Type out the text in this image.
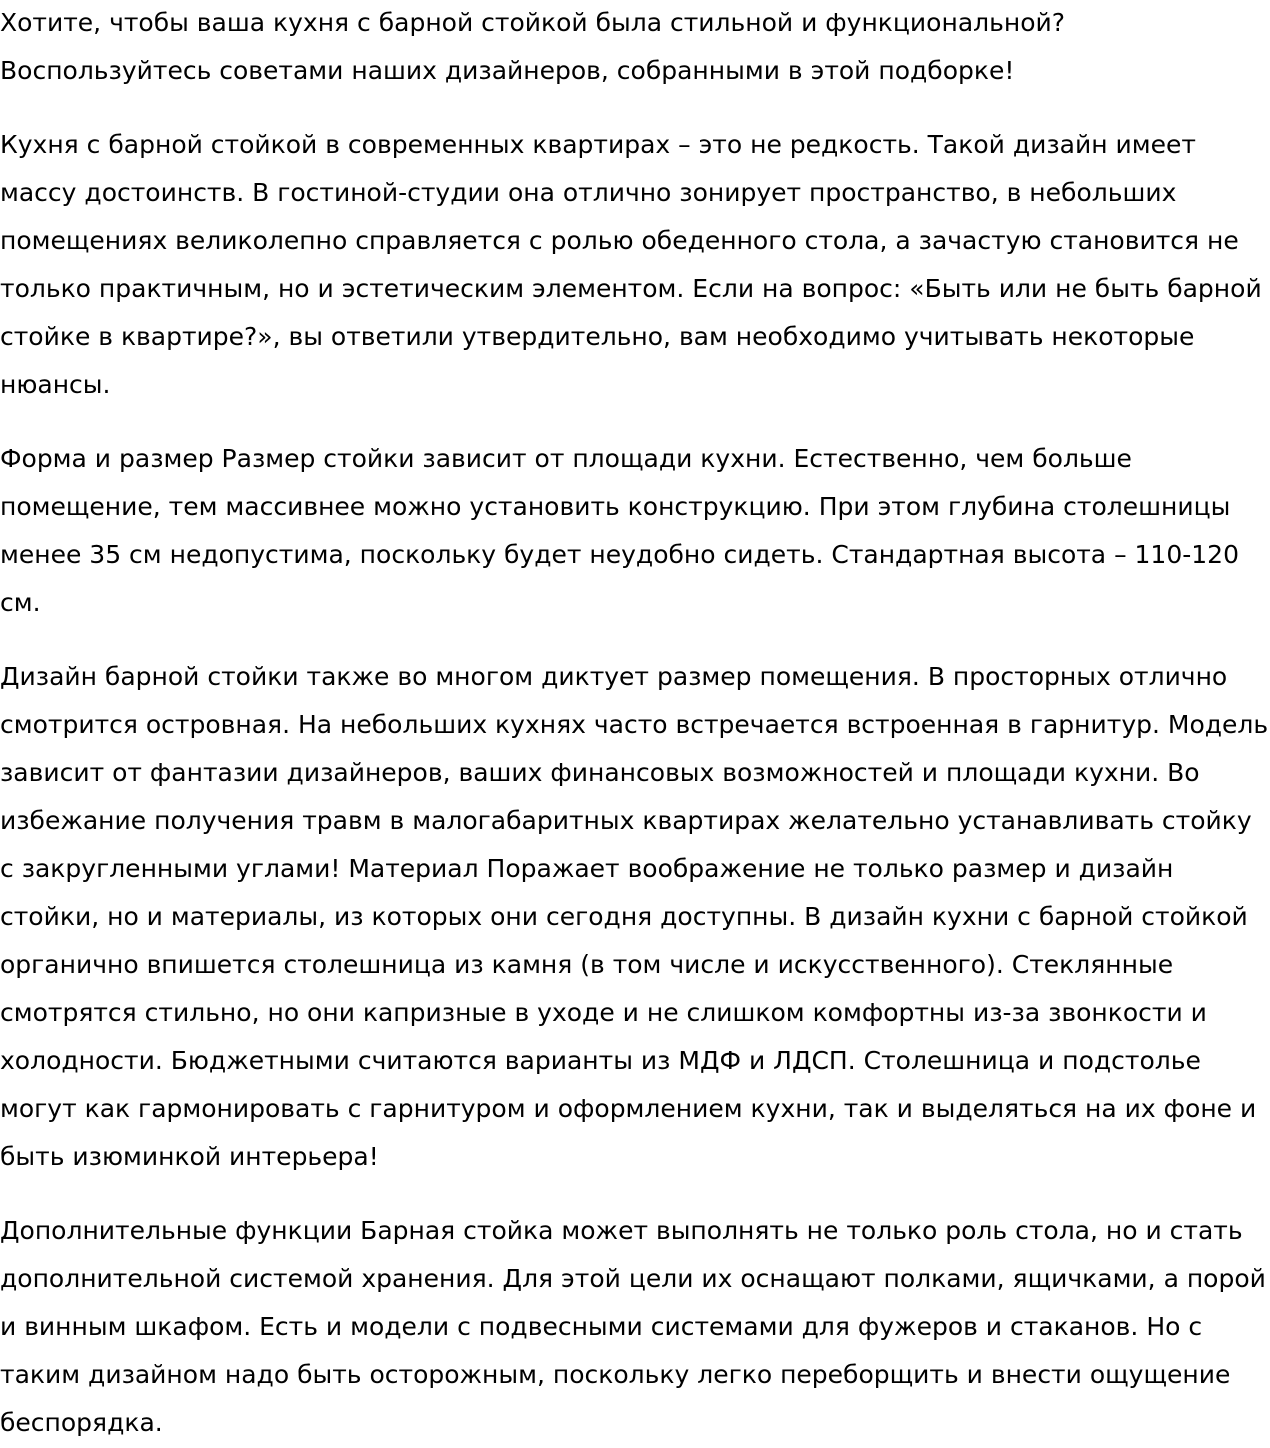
Хотите, чтобы ваша кухня с барной стойкой была стильной и функциональной? Воспользуйтесь советами наших дизайнеров, собранными в этой подборке!

Кухня с барной стойкой в современных квартирах – это не редкость. Такой дизайн имеет массу достоинств. В гостиной-студии она отлично зонирует пространство, в небольших помещениях великолепно справляется с ролью обеденного стола, а зачастую становится не только практичным, но и эстетическим элементом. Если на вопрос: «Быть или не быть барной стойке в квартире?», вы ответили утвердительно, вам необходимо учитывать некоторые нюансы.

Форма и размер Размер стойки зависит от площади кухни. Естественно, чем больше помещение, тем массивнее можно установить конструкцию. При этом глубина столешницы менее 35 см недопустима, поскольку будет неудобно сидеть. Стандартная высота – 110-120 см.

Дизайн барной стойки также во многом диктует размер помещения. В просторных отлично смотрится островная. На небольших кухнях часто встречается встроенная в гарнитур. Модель зависит от фантазии дизайнеров, ваших финансовых возможностей и площади кухни. Во избежание получения травм в малогабаритных квартирах желательно устанавливать стойку с закругленными углами! Материал Поражает воображение не только размер и дизайн стойки, но и материалы, из которых они сегодня доступны. В дизайн кухни с барной стойкой органично впишется столешница из камня (в том числе и искусственного). Стеклянные смотрятся стильно, но они капризные в уходе и не слишком комфортны из-за звонкости и холодности. Бюджетными считаются варианты из МДФ и ЛДСП. Столешница и подстолье могут как гармонировать с гарнитуром и оформлением кухни, так и выделяться на их фоне и быть изюминкой интерьера!

Дополнительные функции Барная стойка может выполнять не только роль стола, но и стать дополнительной системой хранения. Для этой цели их оснащают полками, ящичками, а порой и винным шкафом. Есть и модели с подвесными системами для фужеров и стаканов. Но с таким дизайном надо быть осторожным, поскольку легко переборщить и внести ощущение беспорядка.
